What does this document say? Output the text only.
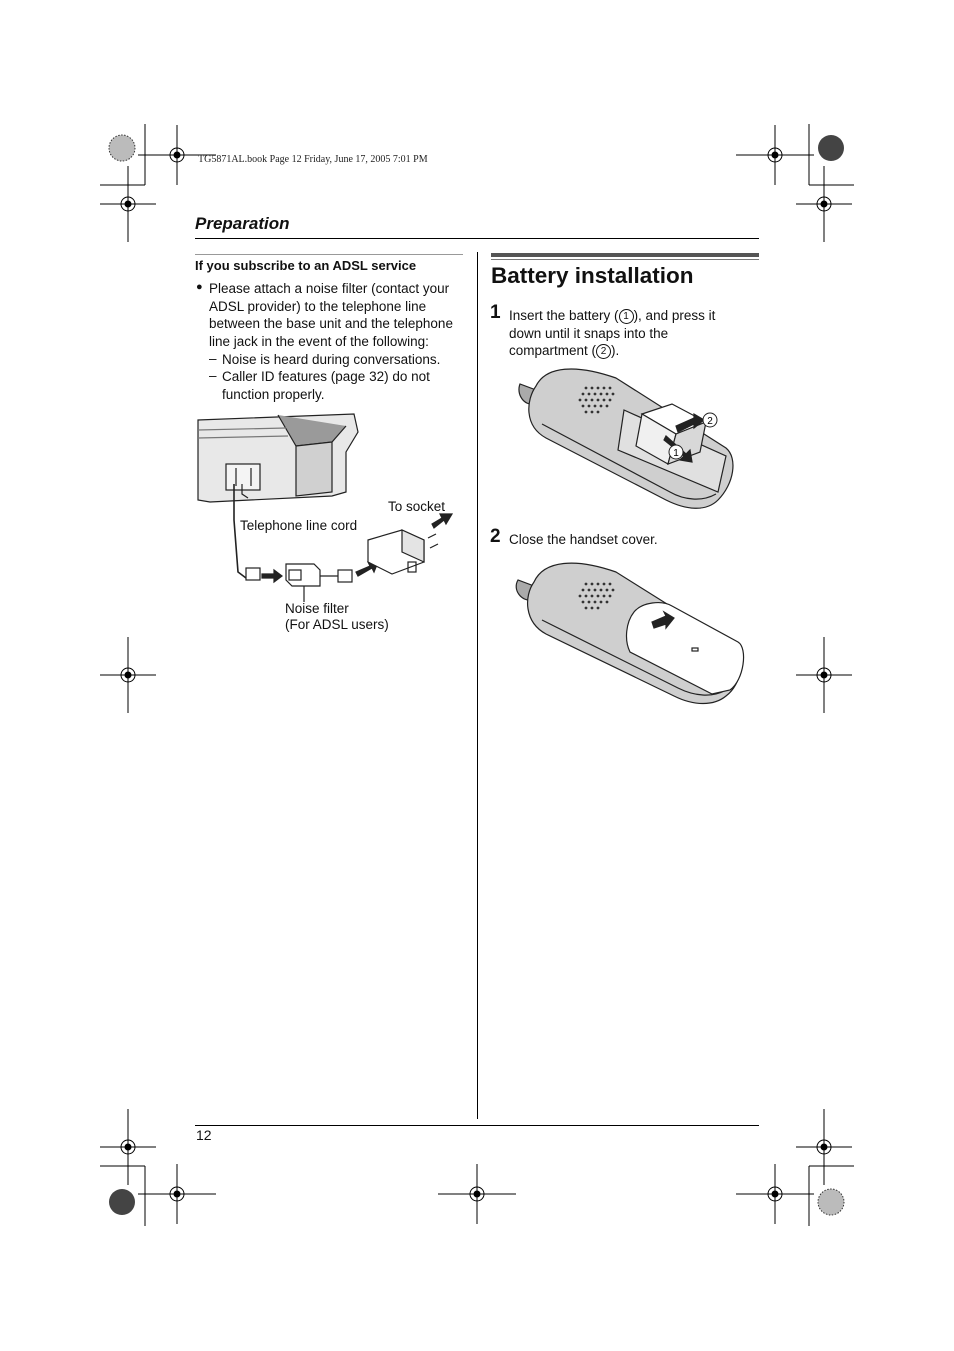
TG5871AL.book Page 12 Friday, June 17, 2005 7:01 PM
Preparation
If you subscribe to an ADSL service
● Please attach a noise filter (contact your ADSL provider) to the telephone line between the base unit and the telephone line jack in the event of the following:
– Noise is heard during conversations.
– Caller ID features (page 32) do not function properly.
To socket
Telephone line cord
Noise filter
(For ADSL users)
Battery installation
1 Insert the battery ( 1 ), and press it down until it snaps into the compartment ( 2 ).
2
1
2 Close the handset cover.
12
